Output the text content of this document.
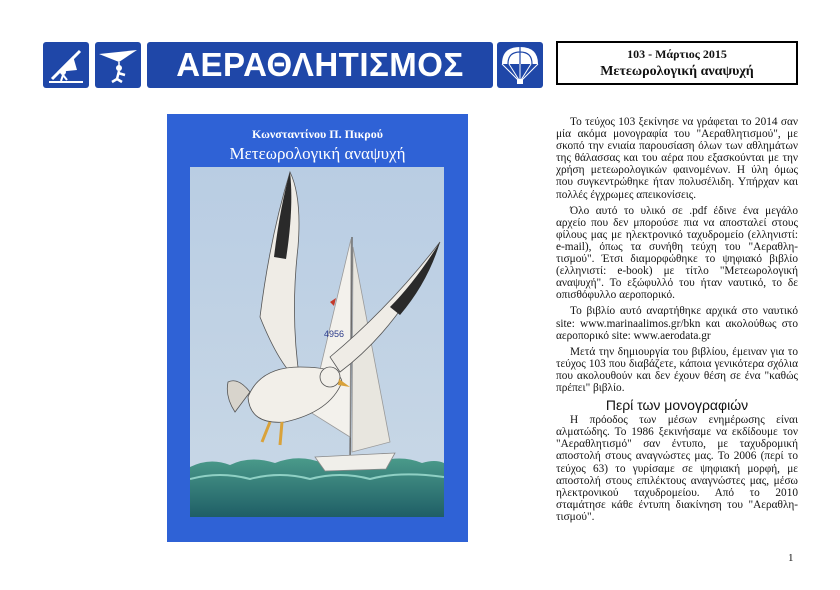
ΑΕΡΑΘΛΗΤΙΣΜΟΣ	103 - Μάρτιος 2015
Μετεωρολογική αναψυχή
Κωνσταντίνου Π. Πικρού
Μετεωρολογική αναψυχή
4956

Το τεύχος 103 ξεκίνησε να γράφεται το 2014 σαν μία ακόμα μονογραφία του "Αεραθλητισμού", με σκοπό την ενιαία παρουσίαση όλων των αθλημάτων της θάλασσας και του αέρα που εξασκούνται με την χρήση μετεωρολογικών φαινομένων. Η ύλη όμως που συγκεντρώθηκε ήταν πολυσέλιδη. Υπήρχαν και πολλές έγχρωμες απεικονίσεις.

Όλο αυτό το υλικό σε .pdf έδινε ένα μεγάλο αρχείο που δεν μπορούσε πια να αποσταλεί στους φίλους μας με ηλεκτρονικό ταχυδρομείο (ελληνιστί: e-mail), όπως τα συνήθη τεύχη του "Αεραθλη-τισμού". Έτσι διαμορφώθηκε το ψηφιακό βιβλίο (ελληνιστί: e-book) με τίτλο "Μετεωρολογική αναψυχή". Το εξώφυλλό του ήταν ναυτικό, το δε οπισθόφυλλο αεροπορικό.

Το βιβλίο αυτό αναρτήθηκε αρχικά στο ναυτικό site: www.marinaalimos.gr/bkn και ακολούθως στο αεροπορικό site: www.aerodata.gr

Μετά την δημιουργία του βιβλίου, έμειναν για το τεύχος 103 που διαβάζετε, κάποια γενικότερα σχόλια που ακολουθούν και δεν έχουν θέση σε ένα "καθώς πρέπει" βιβλίο.

Περί των μονογραφιών

Η πρόοδος των μέσων ενημέρωσης είναι αλματώδης. Το 1986 ξεκινήσαμε να εκδίδουμε τον "Αεραθλητισμό" σαν έντυπο, με ταχυδρομική αποστολή στους αναγνώστες μας. Το 2006 (περί το τεύχος 63) το γυρίσαμε σε ψηφιακή μορφή, με αποστολή στους επιλέκτους αναγνώστες μας, μέσω ηλεκτρονικού ταχυδρομείου. Από το 2010 σταμάτησε κάθε έντυπη διακίνηση του "Αεραθλη-τισμού".

1
